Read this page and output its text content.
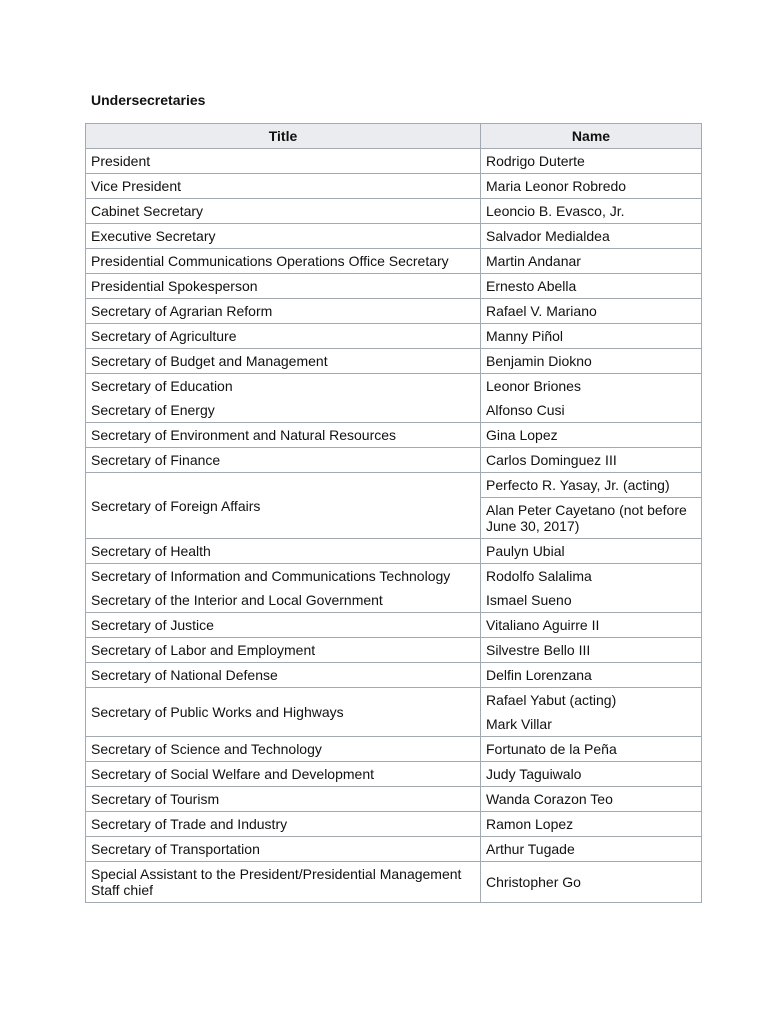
Undersecretaries
Title	Name
President	Rodrigo Duterte
Vice President	Maria Leonor Robredo
Cabinet Secretary	Leoncio B. Evasco, Jr.
Executive Secretary	Salvador Medialdea
Presidential Communications Operations Office Secretary	Martin Andanar
Presidential Spokesperson	Ernesto Abella
Secretary of Agrarian Reform	Rafael V. Mariano
Secretary of Agriculture	Manny Piñol
Secretary of Budget and Management	Benjamin Diokno
Secretary of Education	Leonor Briones
Secretary of Energy	Alfonso Cusi
Secretary of Environment and Natural Resources	Gina Lopez
Secretary of Finance	Carlos Dominguez III
Secretary of Foreign Affairs	Perfecto R. Yasay, Jr. (acting)
	Alan Peter Cayetano (not before June 30, 2017)
Secretary of Health	Paulyn Ubial
Secretary of Information and Communications Technology	Rodolfo Salalima
Secretary of the Interior and Local Government	Ismael Sueno
Secretary of Justice	Vitaliano Aguirre II
Secretary of Labor and Employment	Silvestre Bello III
Secretary of National Defense	Delfin Lorenzana
Secretary of Public Works and Highways	Rafael Yabut (acting)
	Mark Villar
Secretary of Science and Technology	Fortunato de la Peña
Secretary of Social Welfare and Development	Judy Taguiwalo
Secretary of Tourism	Wanda Corazon Teo
Secretary of Trade and Industry	Ramon Lopez
Secretary of Transportation	Arthur Tugade
Special Assistant to the President/Presidential Management Staff chief	Christopher Go
